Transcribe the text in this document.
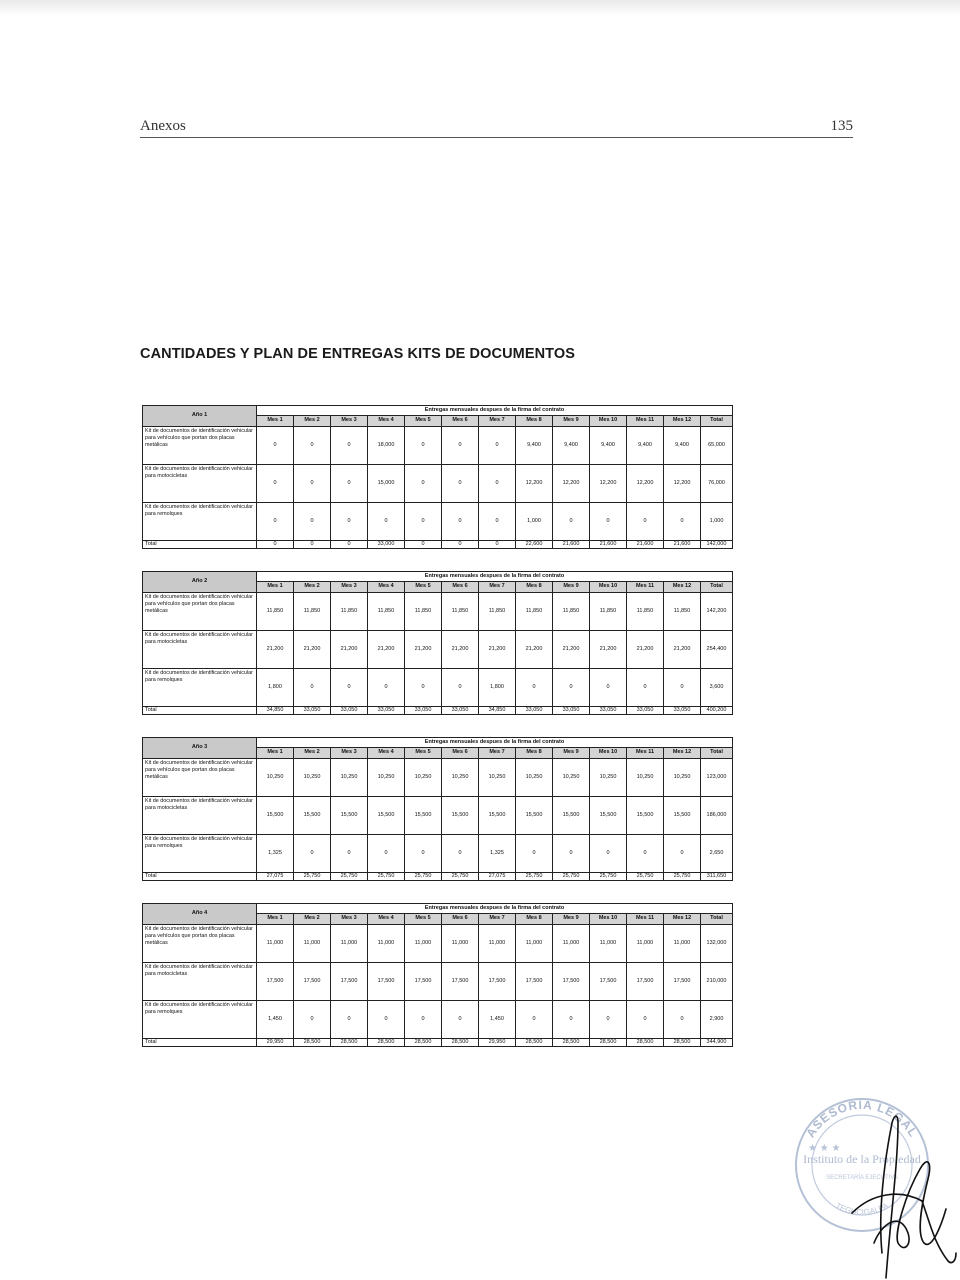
Anexos	135
CANTIDADES Y PLAN DE ENTREGAS KITS DE DOCUMENTOS
Año 1	Entregas mensuales despues de la firma del contrato												
	Mes 1	Mes 2	Mes 3	Mes 4	Mes 5	Mes 6	Mes 7	Mes 8	Mes 9	Mes 10	Mes 11	Mes 12	Total
Kit de documentos de identificación vehicular para vehículos que portan dos placas metálicas	0	0	0	18,000	0	0	0	9,400	9,400	9,400	9,400	9,400	65,000
Kit de documentos de identificación vehicular para motocicletas	0	0	0	15,000	0	0	0	12,200	12,200	12,200	12,200	12,200	76,000
Kit de documentos de identificación vehicular para remolques	0	0	0	0	0	0	0	1,000	0	0	0	0	1,000
Total	0	0	0	33,000	0	0	0	22,600	21,600	21,600	21,600	21,600	142,000
Año 2	Entregas mensuales despues de la firma del contrato												
	Mes 1	Mes 2	Mes 3	Mes 4	Mes 5	Mes 6	Mes 7	Mes 8	Mes 9	Mes 10	Mes 11	Mes 12	Total
Kit de documentos de identificación vehicular para vehículos que portan dos placas metálicas	11,850	11,850	11,850	11,850	11,850	11,850	11,850	11,850	11,850	11,850	11,850	11,850	142,200
Kit de documentos de identificación vehicular para motocicletas	21,200	21,200	21,200	21,200	21,200	21,200	21,200	21,200	21,200	21,200	21,200	21,200	254,400
Kit de documentos de identificación vehicular para remolques	1,800	0	0	0	0	0	1,800	0	0	0	0	0	3,600
Total	34,850	33,050	33,050	33,050	33,050	33,050	34,850	33,050	33,050	33,050	33,050	33,050	400,200
Año 3	Entregas mensuales despues de la firma del contrato												
	Mes 1	Mes 2	Mes 3	Mes 4	Mes 5	Mes 6	Mes 7	Mes 8	Mes 9	Mes 10	Mes 11	Mes 12	Total
Kit de documentos de identificación vehicular para vehículos que portan dos placas metálicas	10,250	10,250	10,250	10,250	10,250	10,250	10,250	10,250	10,250	10,250	10,250	10,250	123,000
Kit de documentos de identificación vehicular para motocicletas	15,500	15,500	15,500	15,500	15,500	15,500	15,500	15,500	15,500	15,500	15,500	15,500	186,000
Kit de documentos de identificación vehicular para remolques	1,325	0	0	0	0	0	1,325	0	0	0	0	0	2,650
Total	27,075	25,750	25,750	25,750	25,750	25,750	27,075	25,750	25,750	25,750	25,750	25,750	311,650
Año 4	Entregas mensuales despues de la firma del contrato												
	Mes 1	Mes 2	Mes 3	Mes 4	Mes 5	Mes 6	Mes 7	Mes 8	Mes 9	Mes 10	Mes 11	Mes 12	Total
Kit de documentos de identificación vehicular para vehículos que portan dos placas metálicas	11,000	11,000	11,000	11,000	11,000	11,000	11,000	11,000	11,000	11,000	11,000	11,000	132,000
Kit de documentos de identificación vehicular para motocicletas	17,500	17,500	17,500	17,500	17,500	17,500	17,500	17,500	17,500	17,500	17,500	17,500	210,000
Kit de documentos de identificación vehicular para remolques	1,450	0	0	0	0	0	1,450	0	0	0	0	0	2,900
Total	29,950	28,500	28,500	28,500	28,500	28,500	29,950	28,500	28,500	28,500	28,500	28,500	344,900
ASESORÍA LEGAL
★ ★ ★
Instituto de la Propiedad
SECRETARÍA EJECUTIVA
TEGUCIGALPA
